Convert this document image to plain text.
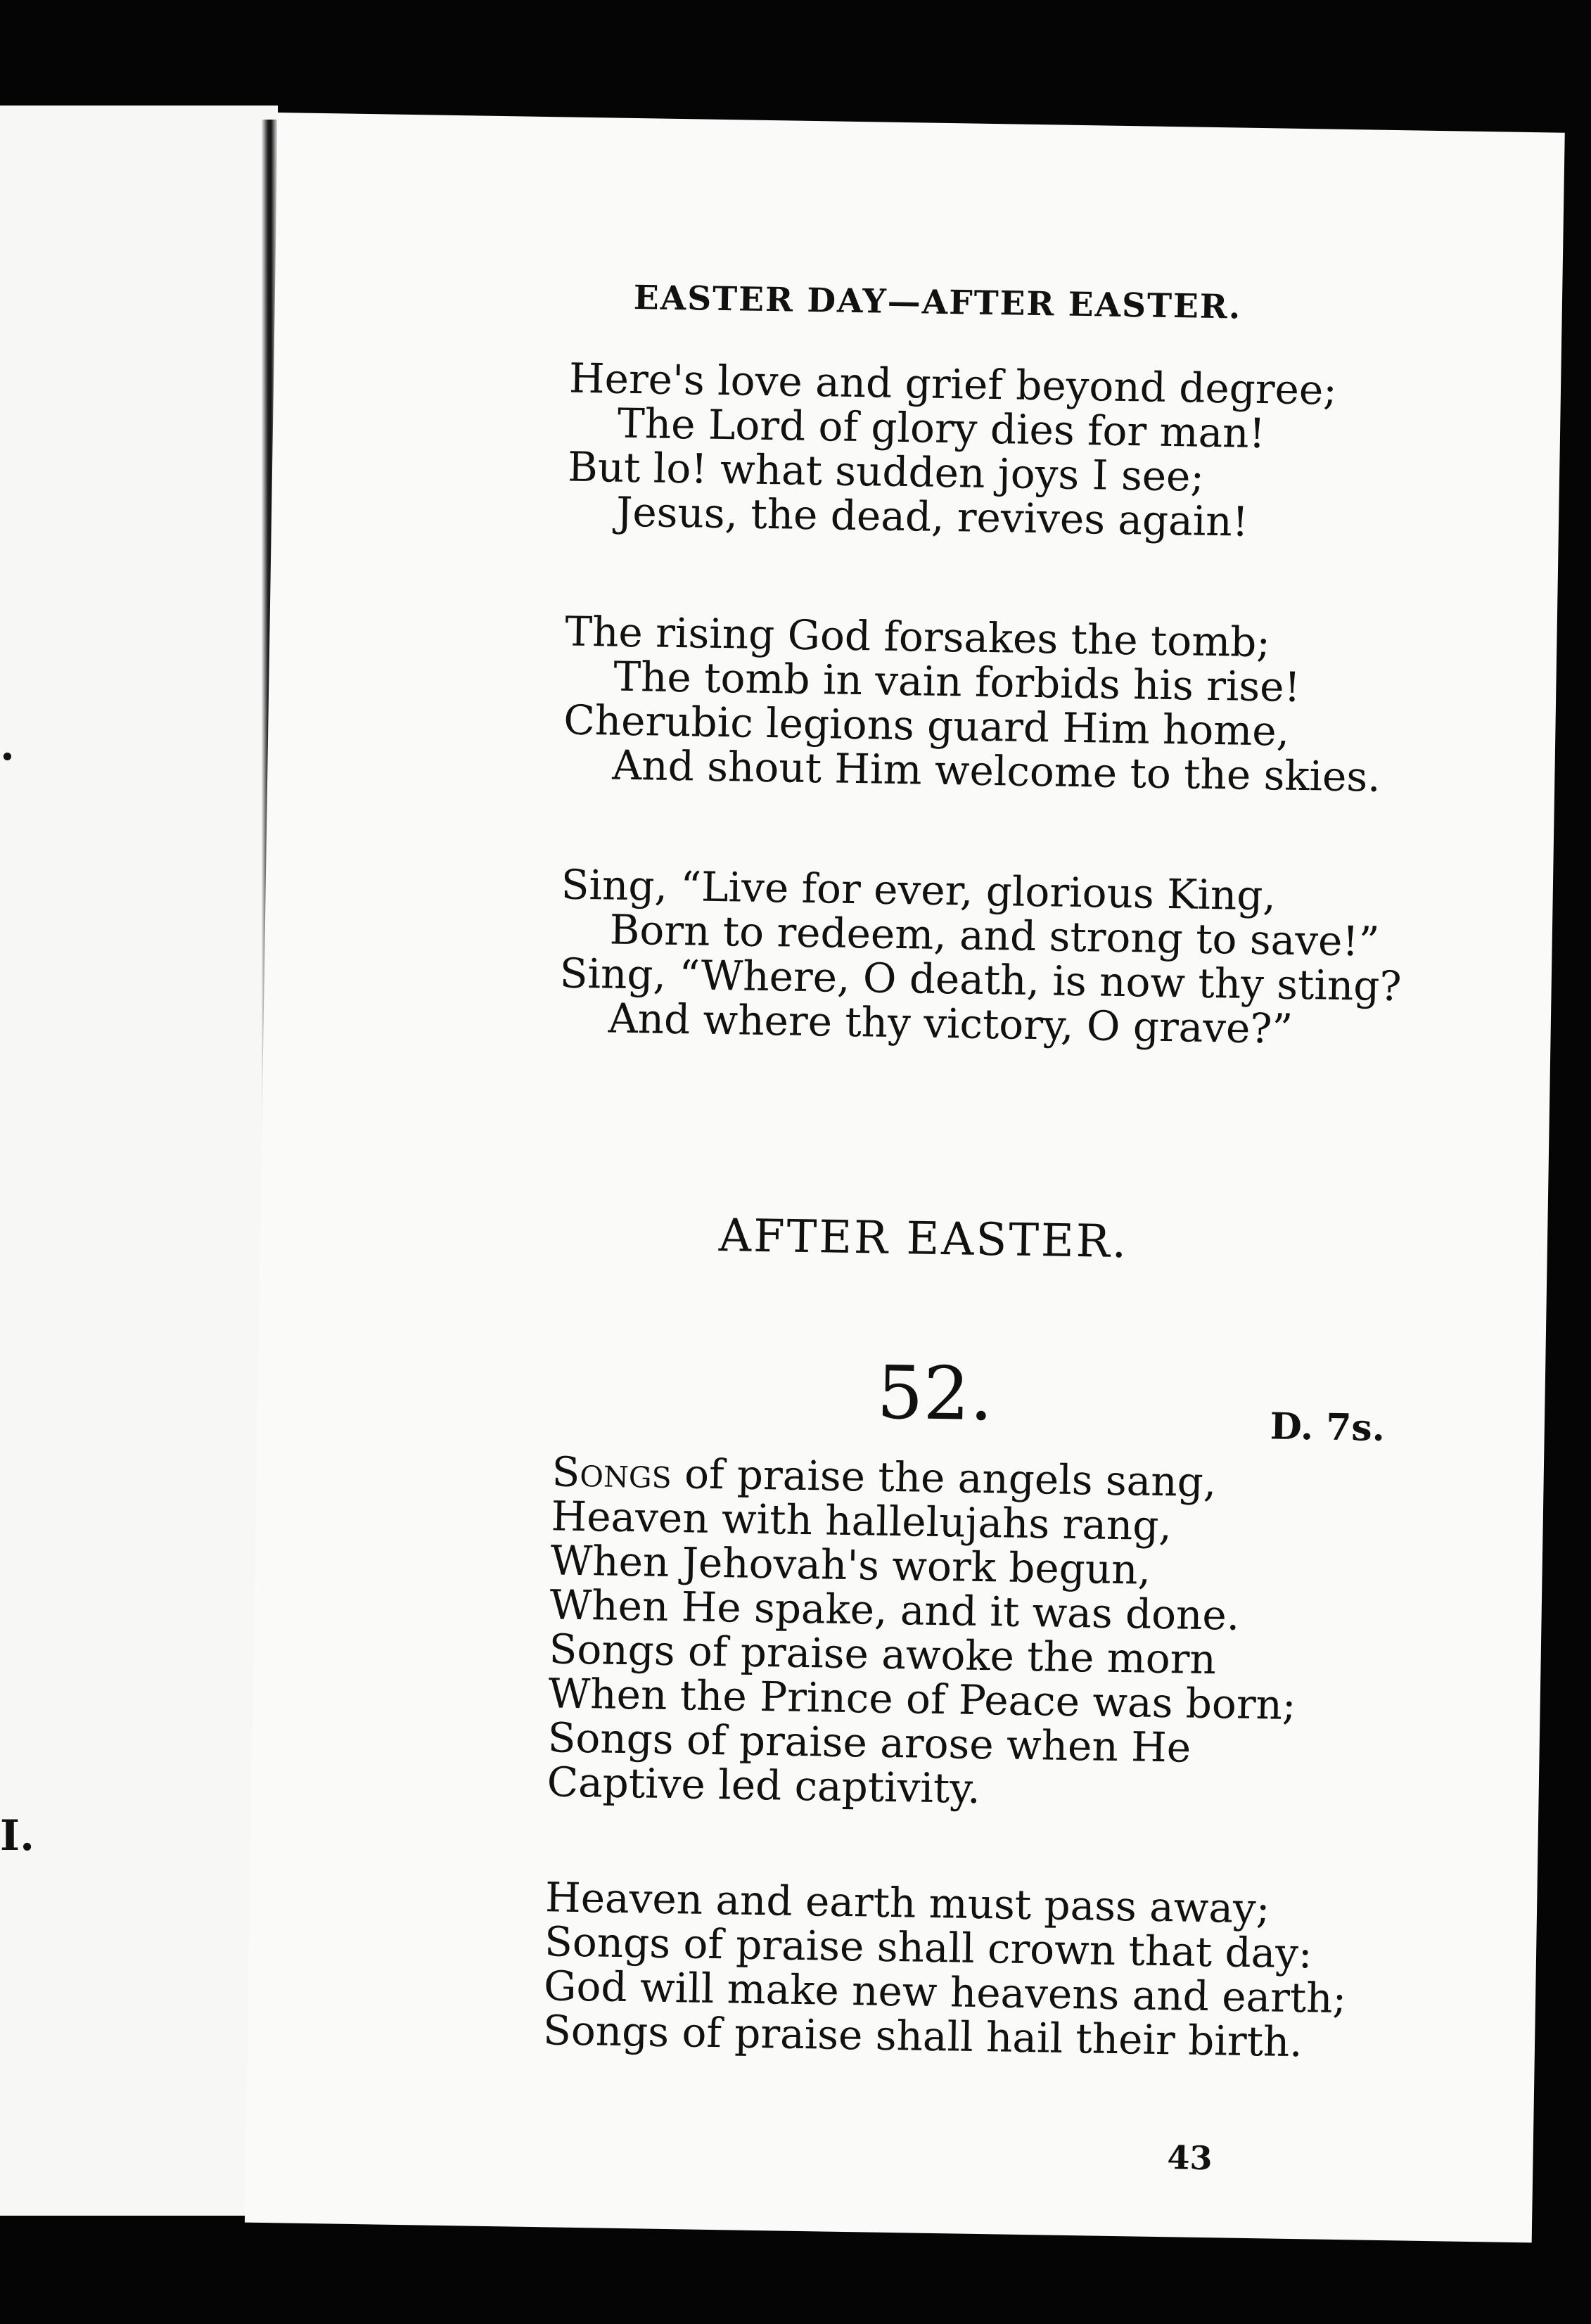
.
I.
EASTER DAY—AFTER EASTER.
Here's love and grief beyond degree;
The Lord of glory dies for man!
But lo! what sudden joys I see;
Jesus, the dead, revives again!
The rising God forsakes the tomb;
The tomb in vain forbids his rise!
Cherubic legions guard Him home,
And shout Him welcome to the skies.
Sing, “Live for ever, glorious King,
Born to redeem, and strong to save!”
Sing, “Where, O death, is now thy sting?
And where thy victory, O grave?”
AFTER EASTER.
52.	D. 7s.
Songs of praise the angels sang,
Heaven with hallelujahs rang,
When Jehovah's work begun,
When He spake, and it was done.
Songs of praise awoke the morn
When the Prince of Peace was born;
Songs of praise arose when He
Captive led captivity.
Heaven and earth must pass away;
Songs of praise shall crown that day:
God will make new heavens and earth;
Songs of praise shall hail their birth.
43
